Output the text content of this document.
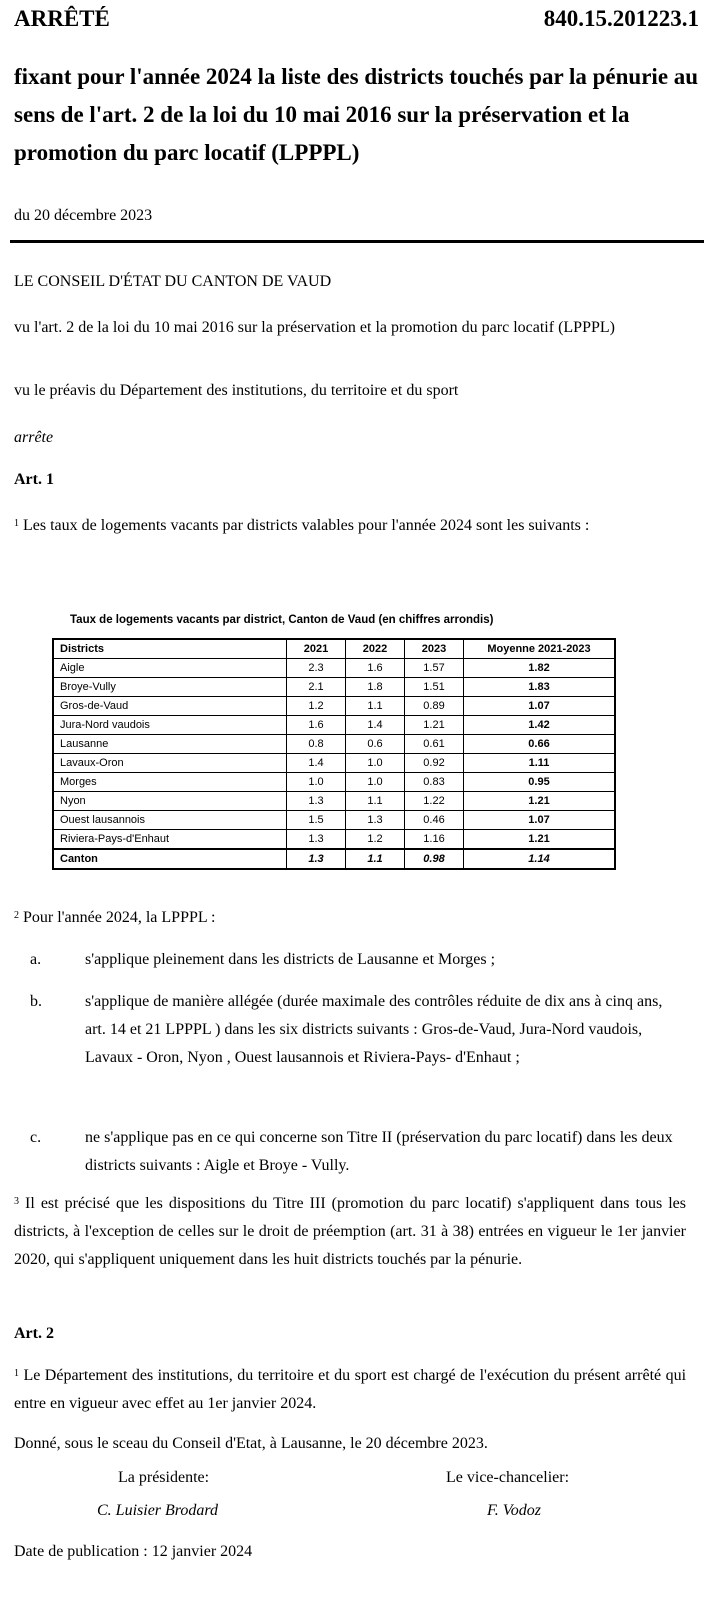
ARRÊTÉ	840.15.201223.1
fixant pour l'année 2024 la liste des districts touchés par la pénurie au sens de l'art. 2 de la loi du 10 mai 2016 sur la préservation et la promotion du parc locatif (LPPPL)
du 20 décembre 2023
LE CONSEIL D'ÉTAT DU CANTON DE VAUD
vu l'art. 2 de la loi du 10 mai 2016 sur la préservation et la promotion du parc locatif (LPPPL)
vu le préavis du Département des institutions, du territoire et du sport
arrête
Art. 1
$^1$ Les taux de logements vacants par districts valables pour l'année 2024 sont les suivants :
Taux de logements vacants par district, Canton de Vaud (en chiffres arrondis)
Districts	2021	2022	2023	Moyenne 2021-2023
Aigle	2.3	1.6	1.57	1.82
Broye-Vully	2.1	1.8	1.51	1.83
Gros-de-Vaud	1.2	1.1	0.89	1.07
Jura-Nord vaudois	1.6	1.4	1.21	1.42
Lausanne	0.8	0.6	0.61	0.66
Lavaux-Oron	1.4	1.0	0.92	1.11
Morges	1.0	1.0	0.83	0.95
Nyon	1.3	1.1	1.22	1.21
Ouest lausannois	1.5	1.3	0.46	1.07
Riviera-Pays-d'Enhaut	1.3	1.2	1.16	1.21
Canton	1.3	1.1	0.98	1.14
$^2$ Pour l'année 2024, la LPPPL :
a.	s'applique pleinement dans les districts de Lausanne et Morges ;
b.	s'applique de manière allégée (durée maximale des contrôles réduite de dix ans à cinq ans, art. 14 et 21 LPPPL ) dans les six districts suivants : Gros-de-Vaud, Jura-Nord vaudois, Lavaux - Oron, Nyon , Ouest lausannois et Riviera-Pays- d'Enhaut ;
c.	ne s'applique pas en ce qui concerne son Titre II (préservation du parc locatif) dans les deux districts suivants : Aigle et Broye - Vully.
$^3$ Il est précisé que les dispositions du Titre III (promotion du parc locatif) s'appliquent dans tous les districts, à l'exception de celles sur le droit de préemption (art. 31 à 38) entrées en vigueur le 1er janvier 2020, qui s'appliquent uniquement dans les huit districts touchés par la pénurie.
Art. 2
$^1$ Le Département des institutions, du territoire et du sport est chargé de l'exécution du présent arrêté qui entre en vigueur avec effet au 1er janvier 2024.
Donné, sous le sceau du Conseil d'Etat, à Lausanne, le 20 décembre 2023.
La présidente:	Le vice-chancelier:
C. Luisier Brodard	F. Vodoz
Date de publication : 12 janvier 2024
